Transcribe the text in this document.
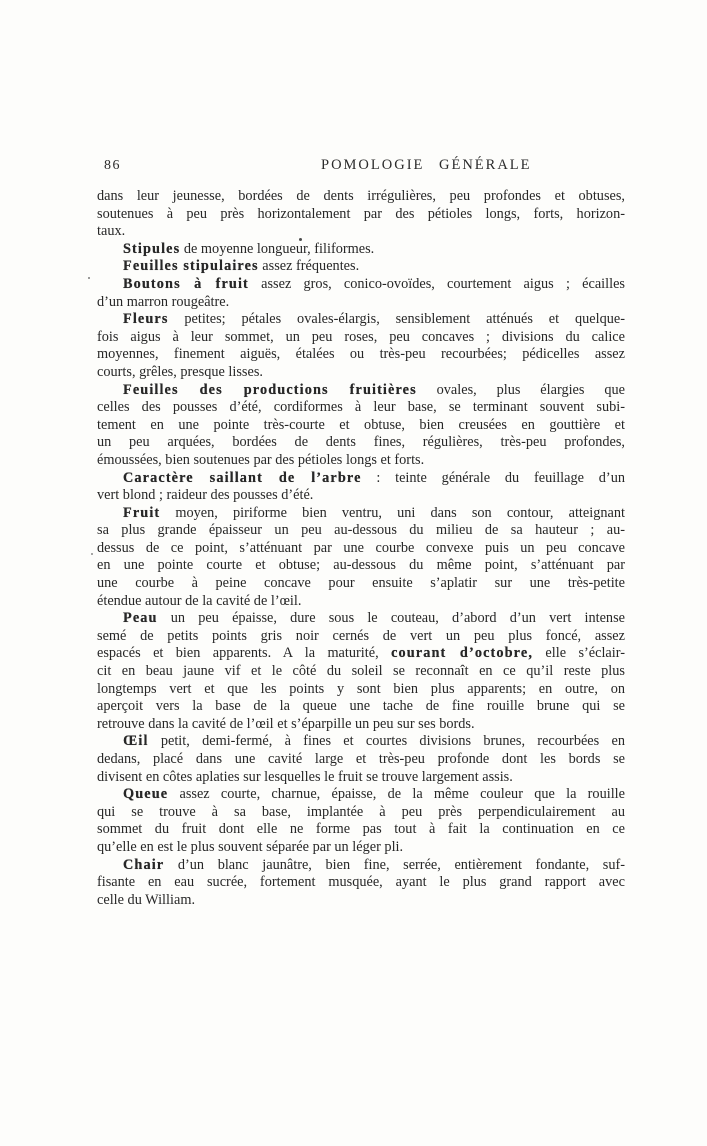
86	POMOLOGIE GÉNÉRALE
dans leur jeunesse, bordées de dents irrégulières, peu profondes et obtuses,
soutenues à peu près horizontalement par des pétioles longs, forts, horizon-
taux.
Stipules de moyenne longueur, filiformes.
Feuilles stipulaires assez fréquentes.
Boutons à fruit assez gros, conico-ovoïdes, courtement aigus ; écailles
d’un marron rougeâtre.
Fleurs petites; pétales ovales-élargis, sensiblement atténués et quelque-
fois aigus à leur sommet, un peu roses, peu concaves ; divisions du calice
moyennes, finement aiguës, étalées ou très-peu recourbées; pédicelles assez
courts, grêles, presque lisses.
Feuilles des productions fruitières ovales, plus élargies que
celles des pousses d’été, cordiformes à leur base, se terminant souvent subi-
tement en une pointe très-courte et obtuse, bien creusées en gouttière et
un peu arquées, bordées de dents fines, régulières, très-peu profondes,
émoussées, bien soutenues par des pétioles longs et forts.
Caractère saillant de l’arbre : teinte générale du feuillage d’un
vert blond ; raideur des pousses d’été.
Fruit moyen, piriforme bien ventru, uni dans son contour, atteignant
sa plus grande épaisseur un peu au-dessous du milieu de sa hauteur ; au-
dessus de ce point, s’atténuant par une courbe convexe puis un peu concave
en une pointe courte et obtuse; au-dessous du même point, s’atténuant par
une courbe à peine concave pour ensuite s’aplatir sur une très-petite
étendue autour de la cavité de l’œil.
Peau un peu épaisse, dure sous le couteau, d’abord d’un vert intense
semé de petits points gris noir cernés de vert un peu plus foncé, assez
espacés et bien apparents. A la maturité, courant d’octobre, elle s’éclair-
cit en beau jaune vif et le côté du soleil se reconnaît en ce qu’il reste plus
longtemps vert et que les points y sont bien plus apparents; en outre, on
aperçoit vers la base de la queue une tache de fine rouille brune qui se
retrouve dans la cavité de l’œil et s’éparpille un peu sur ses bords.
Œil petit, demi-fermé, à fines et courtes divisions brunes, recourbées en
dedans, placé dans une cavité large et très-peu profonde dont les bords se
divisent en côtes aplaties sur lesquelles le fruit se trouve largement assis.
Queue assez courte, charnue, épaisse, de la même couleur que la rouille
qui se trouve à sa base, implantée à peu près perpendiculairement au
sommet du fruit dont elle ne forme pas tout à fait la continuation en ce
qu’elle en est le plus souvent séparée par un léger pli.
Chair d’un blanc jaunâtre, bien fine, serrée, entièrement fondante, suf-
fisante en eau sucrée, fortement musquée, ayant le plus grand rapport avec
celle du William.
